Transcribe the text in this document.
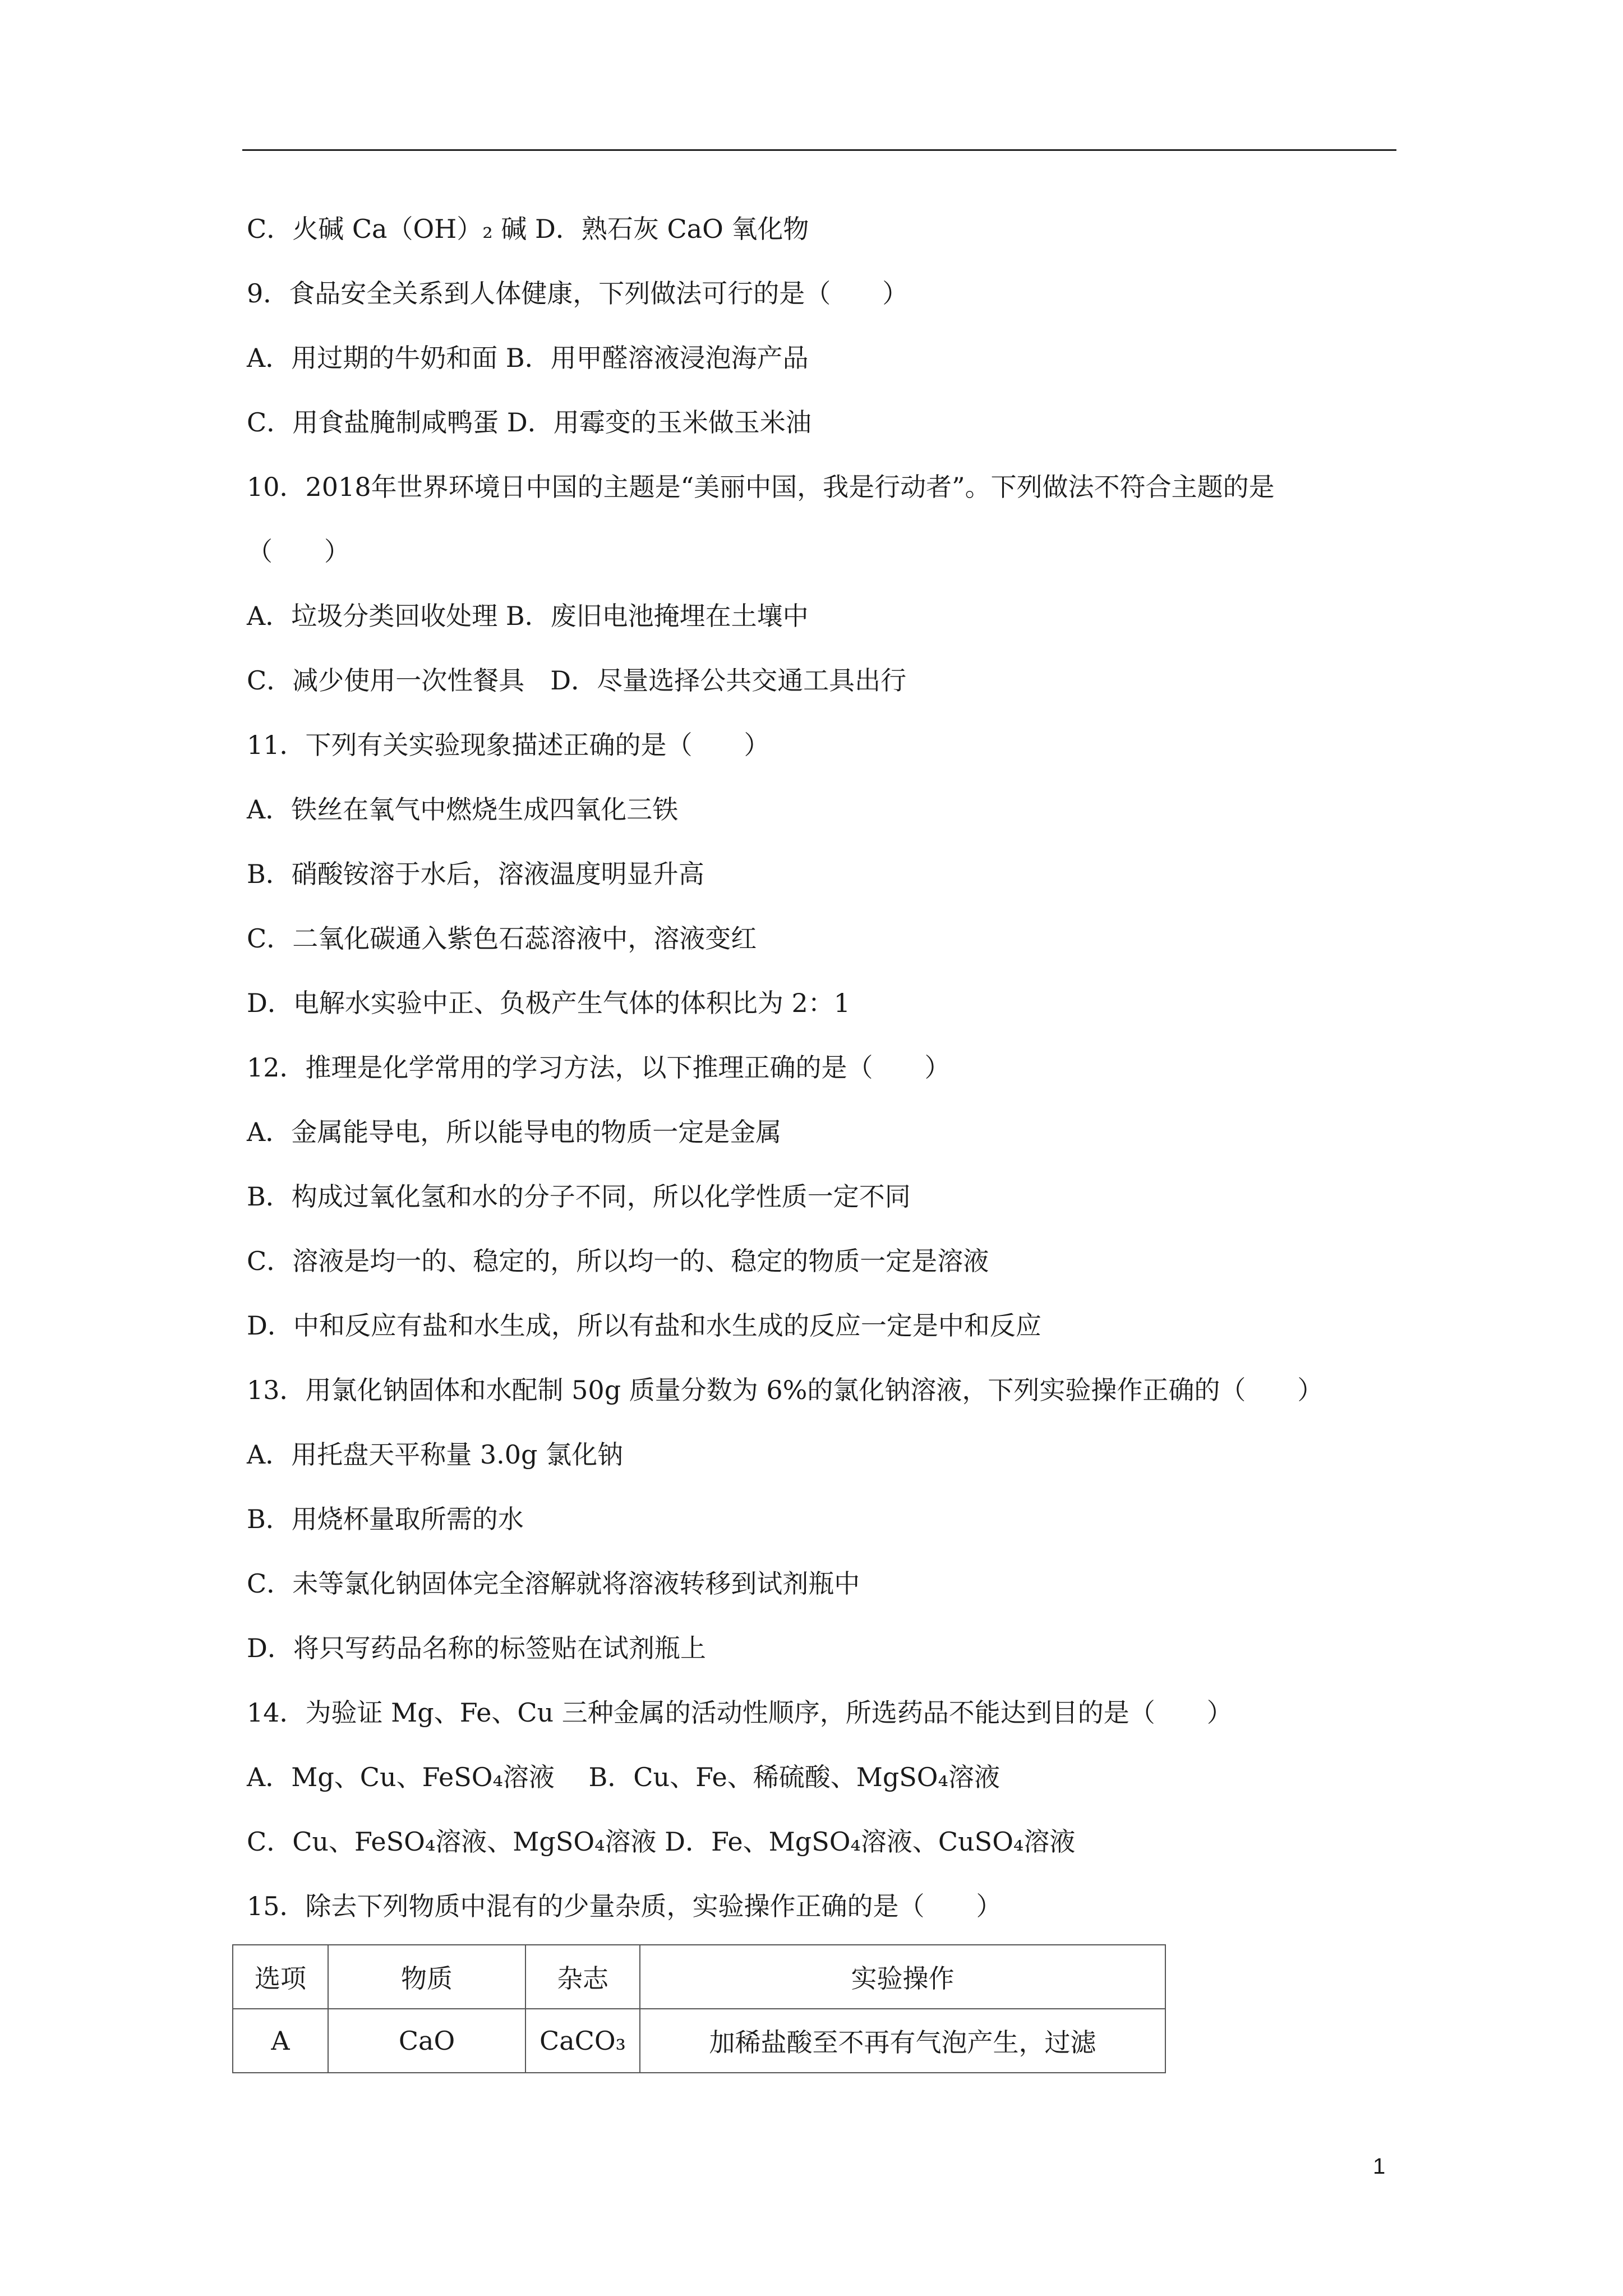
C．火碱 Ca（OH）₂ 碱 D．熟石灰 CaO 氧化物
9．食品安全关系到人体健康，下列做法可行的是（　　）
A．用过期的牛奶和面 B．用甲醛溶液浸泡海产品
C．用食盐腌制咸鸭蛋 D．用霉变的玉米做玉米油
10．2018年世界环境日中国的主题是“美丽中国，我是行动者”。下列做法不符合主题的是
（　　）
A．垃圾分类回收处理 B．废旧电池掩埋在土壤中
C．减少使用一次性餐具　D．尽量选择公共交通工具出行
11．下列有关实验现象描述正确的是（　　）
A．铁丝在氧气中燃烧生成四氧化三铁
B．硝酸铵溶于水后，溶液温度明显升高
C．二氧化碳通入紫色石蕊溶液中，溶液变红
D．电解水实验中正、负极产生气体的体积比为 2：1
12．推理是化学常用的学习方法，以下推理正确的是（　　）
A．金属能导电，所以能导电的物质一定是金属
B．构成过氧化氢和水的分子不同，所以化学性质一定不同
C．溶液是均一的、稳定的，所以均一的、稳定的物质一定是溶液
D．中和反应有盐和水生成，所以有盐和水生成的反应一定是中和反应
13．用氯化钠固体和水配制 50g 质量分数为 6%的氯化钠溶液，下列实验操作正确的（　　）
A．用托盘天平称量 3.0g 氯化钠
B．用烧杯量取所需的水
C．未等氯化钠固体完全溶解就将溶液转移到试剂瓶中
D．将只写药品名称的标签贴在试剂瓶上
14．为验证 Mg、Fe、Cu 三种金属的活动性顺序，所选药品不能达到目的是（　　）
A．Mg、Cu、FeSO₄溶液　 B．Cu、Fe、稀硫酸、MgSO₄溶液
C．Cu、FeSO₄溶液、MgSO₄溶液 D．Fe、MgSO₄溶液、CuSO₄溶液
15．除去下列物质中混有的少量杂质，实验操作正确的是（　　）
选项	物质	杂志	实验操作
A	CaO	CaCO₃	加稀盐酸至不再有气泡产生，过滤
1
